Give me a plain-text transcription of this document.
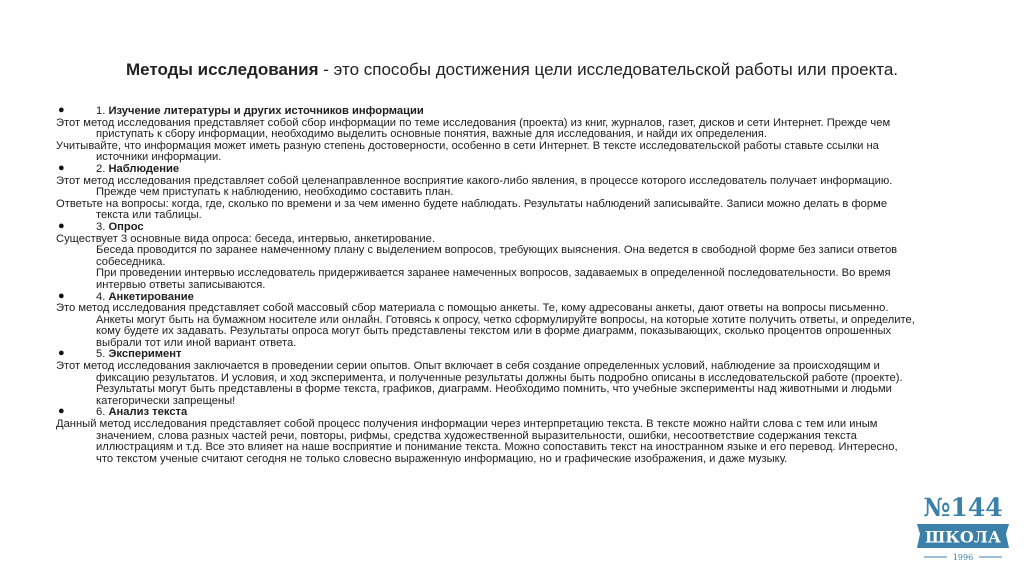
Методы исследования - это способы достижения цели исследовательской работы или проекта.
●	1. Изучение литературы и других источников информации
Этот метод исследования представляет собой сбор информации по теме исследования (проекта) из книг, журналов, газет, дисков и сети Интернет. Прежде чем приступать к сбору информации, необходимо выделить основные понятия, важные для исследования, и найди их определения.
Учитывайте, что информация может иметь разную степень достоверности, особенно в сети Интернет. В тексте исследовательской работы ставьте ссылки на источники информации.
●	2. Наблюдение
Этот метод исследования представляет собой целенаправленное восприятие какого-либо явления, в процессе которого исследователь получает информацию. Прежде чем приступать к наблюдению, необходимо составить план.
Ответьте на вопросы: когда, где, сколько по времени и за чем именно будете наблюдать. Результаты наблюдений записывайте. Записи можно делать в форме текста или таблицы.
●	3. Опрос
Существует 3 основные вида опроса: беседа, интервью, анкетирование.
Беседа проводится по заранее намеченному плану с выделением вопросов, требующих выяснения. Она ведется в свободной форме без записи ответов собеседника.
При проведении интервью исследователь придерживается заранее намеченных вопросов, задаваемых в определенной последовательности. Во время интервью ответы записываются.
●	4. Анкетирование
Это метод исследования представляет собой массовый сбор материала с помощью анкеты. Те, кому адресованы анкеты, дают ответы на вопросы письменно. Анкеты могут быть на бумажном носителе или онлайн. Готовясь к опросу, четко сформулируйте вопросы, на которые хотите получить ответы, и определите, кому будете их задавать. Результаты опроса могут быть представлены текстом или в форме диаграмм, показывающих, сколько процентов опрошенных выбрали тот или иной вариант ответа.
●	5. Эксперимент
Этот метод исследования заключается в проведении серии опытов. Опыт включает в себя создание определенных условий, наблюдение за происходящим и фиксацию результатов. И условия, и ход эксперимента, и полученные результаты должны быть подробно описаны в исследовательской работе (проекте). Результаты могут быть представлены в форме текста, графиков, диаграмм. Необходимо помнить, что учебные эксперименты над животными и людьми категорически запрещены!
●	6. Анализ текста
Данный метод исследования представляет собой процесс получения информации через интерпретацию текста. В тексте можно найти слова с тем или иным значением, слова разных частей речи, повторы, рифмы, средства художественной выразительности, ошибки, несоответствие содержания текста иллюстрациям и т.д. Все это влияет на наше восприятие и понимание текста. Можно сопоставить текст на иностранном языке и его перевод. Интересно, что текстом ученые считают сегодня не только словесно выраженную информацию, но и графические изображения, и даже музыку.
№144
ШКОЛА
1996
